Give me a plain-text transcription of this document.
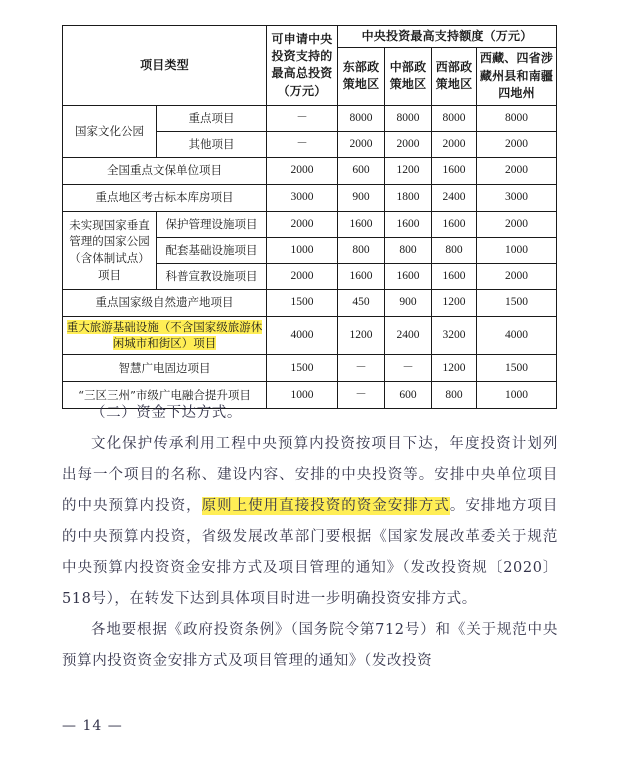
项目类型		可申请中央投资支持的最高总投资（万元）	中央投资最高支持额度（万元）			
			东部政策地区	中部政策地区	西部政策地区	西藏、四省涉藏州县和南疆四地州
国家文化公园	重点项目	－	8000	8000	8000	8000
	其他项目	－	2000	2000	2000	2000
全国重点文保单位项目		2000	600	1200	1600	2000
重点地区考古标本库房项目		3000	900	1800	2400	3000
未实现国家垂直管理的国家公园（含体制试点）项目	保护管理设施项目	2000	1600	1600	1600	2000
	配套基础设施项目	1000	800	800	800	1000
	科普宣教设施项目	2000	1600	1600	1600	2000
重点国家级自然遗产地项目		1500	450	900	1200	1500
重大旅游基础设施（不含国家级旅游休闲城市和街区）项目		4000	1200	2400	3200	4000
智慧广电固边项目		1500	－	－	1200	1500
“三区三州”市级广电融合提升项目		1000	－	600	800	1000

（二）资金下达方式。

文化保护传承利用工程中央预算内投资按项目下达，年度投资计划列出每一个项目的名称、建设内容、安排的中央投资等。安排中央单位项目的中央预算内投资，原则上使用直接投资的资金安排方式。安排地方项目的中央预算内投资，省级发展改革部门要根据《国家发展改革委关于规范中央预算内投资资金安排方式及项目管理的通知》（发改投资规〔2020〕518号），在转发下达到具体项目时进一步明确投资安排方式。

各地要根据《政府投资条例》（国务院令第712号）和《关于规范中央预算内投资资金安排方式及项目管理的通知》（发改投资

— 14 —
